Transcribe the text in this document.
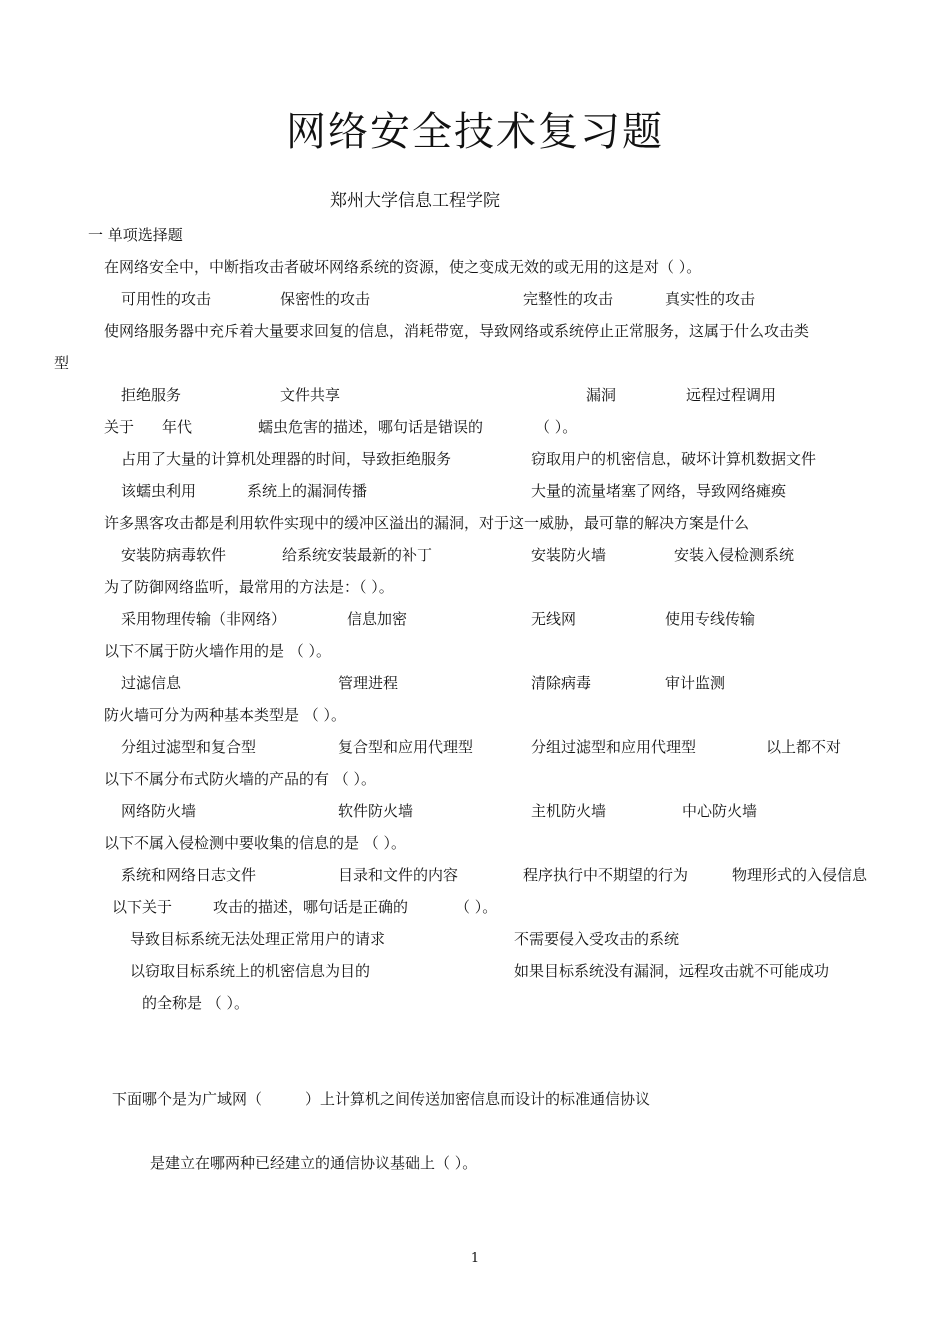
网络安全技术复习题
郑州大学信息工程学院
一 单项选择题
在网络安全中，中断指攻击者破坏网络系统的资源，使之变成无效的或无用的这是对（ ）。
可用性的攻击	保密性的攻击	完整性的攻击	真实性的攻击
使网络服务器中充斥着大量要求回复的信息，消耗带宽，导致网络或系统停止正常服务，这属于什么攻击类
型
拒绝服务	文件共享	漏洞	远程过程调用
关于 年代	蠕虫危害的描述，哪句话是错误的	（ ）。
占用了大量的计算机处理器的时间，导致拒绝服务	窃取用户的机密信息，破坏计算机数据文件
该蠕虫利用	系统上的漏洞传播	大量的流量堵塞了网络，导致网络瘫痪
许多黑客攻击都是利用软件实现中的缓冲区溢出的漏洞，对于这一威胁，最可靠的解决方案是什么
安装防病毒软件	给系统安装最新的补丁	安装防火墙	安装入侵检测系统
为了防御网络监听，最常用的方法是：（ ）。
采用物理传输（非网络）	信息加密	无线网	使用专线传输
以下不属于防火墙作用的是 （ ）。
过滤信息	管理进程	清除病毒	审计监测
防火墙可分为两种基本类型是 （ ）。
分组过滤型和复合型	复合型和应用代理型	分组过滤型和应用代理型	以上都不对
以下不属分布式防火墙的产品的有 （ ）。
网络防火墙	软件防火墙	主机防火墙	中心防火墙
以下不属入侵检测中要收集的信息的是 （ ）。
系统和网络日志文件	目录和文件的内容	程序执行中不期望的行为	物理形式的入侵信息
以下关于	攻击的描述，哪句话是正确的	（ ）。
导致目标系统无法处理正常用户的请求	不需要侵入受攻击的系统
以窃取目标系统上的机密信息为目的	如果目标系统没有漏洞，远程攻击就不可能成功
的全称是 （ ）。
下面哪个是为广域网（	）上计算机之间传送加密信息而设计的标准通信协议
是建立在哪两种已经建立的通信协议基础上（ ）。
1
